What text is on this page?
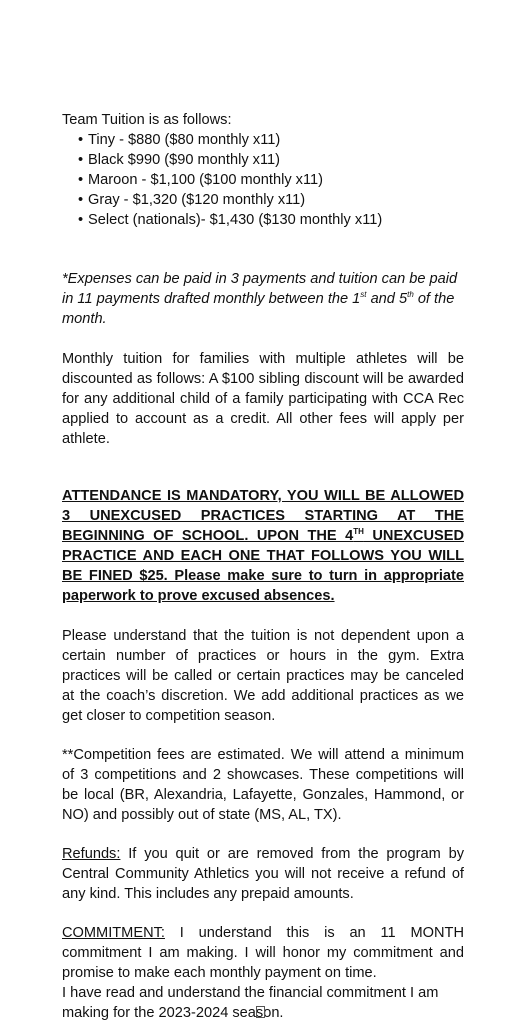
Team Tuition is as follows:

• Tiny - $880 ($80 monthly x11)
• Black $990 ($90 monthly x11)
• Maroon - $1,100 ($100 monthly x11)
• Gray - $1,320 ($120 monthly x11)
• Select (nationals)- $1,430 ($130 monthly x11)

*Expenses can be paid in 3 payments and tuition can be paid in 11 payments drafted monthly between the 1st and 5th of the month.

Monthly tuition for families with multiple athletes will be discounted as follows: A $100 sibling discount will be awarded for any additional child of a family participating with CCA Rec applied to account as a credit. All other fees will apply per athlete.

ATTENDANCE IS MANDATORY, YOU WILL BE ALLOWED 3 UNEXCUSED PRACTICES STARTING AT THE BEGINNING OF SCHOOL. UPON THE 4TH UNEXCUSED PRACTICE AND EACH ONE THAT FOLLOWS YOU WILL BE FINED $25. Please make sure to turn in appropriate paperwork to prove excused absences.

Please understand that the tuition is not dependent upon a certain number of practices or hours in the gym. Extra practices will be called or certain practices may be canceled at the coach’s discretion. We add additional practices as we get closer to competition season.

**Competition fees are estimated. We will attend a minimum of 3 competitions and 2 showcases. These competitions will be local (BR, Alexandria, Lafayette, Gonzales, Hammond, or NO) and possibly out of state (MS, AL, TX).

Refunds: If you quit or are removed from the program by Central Community Athletics you will not receive a refund of any kind. This includes any prepaid amounts.

COMMITMENT: I understand this is an 11 MONTH commitment I am making. I will honor my commitment and promise to make each monthly payment on time.

I have read and understand the financial commitment I am making for the 2023-2024 season.
